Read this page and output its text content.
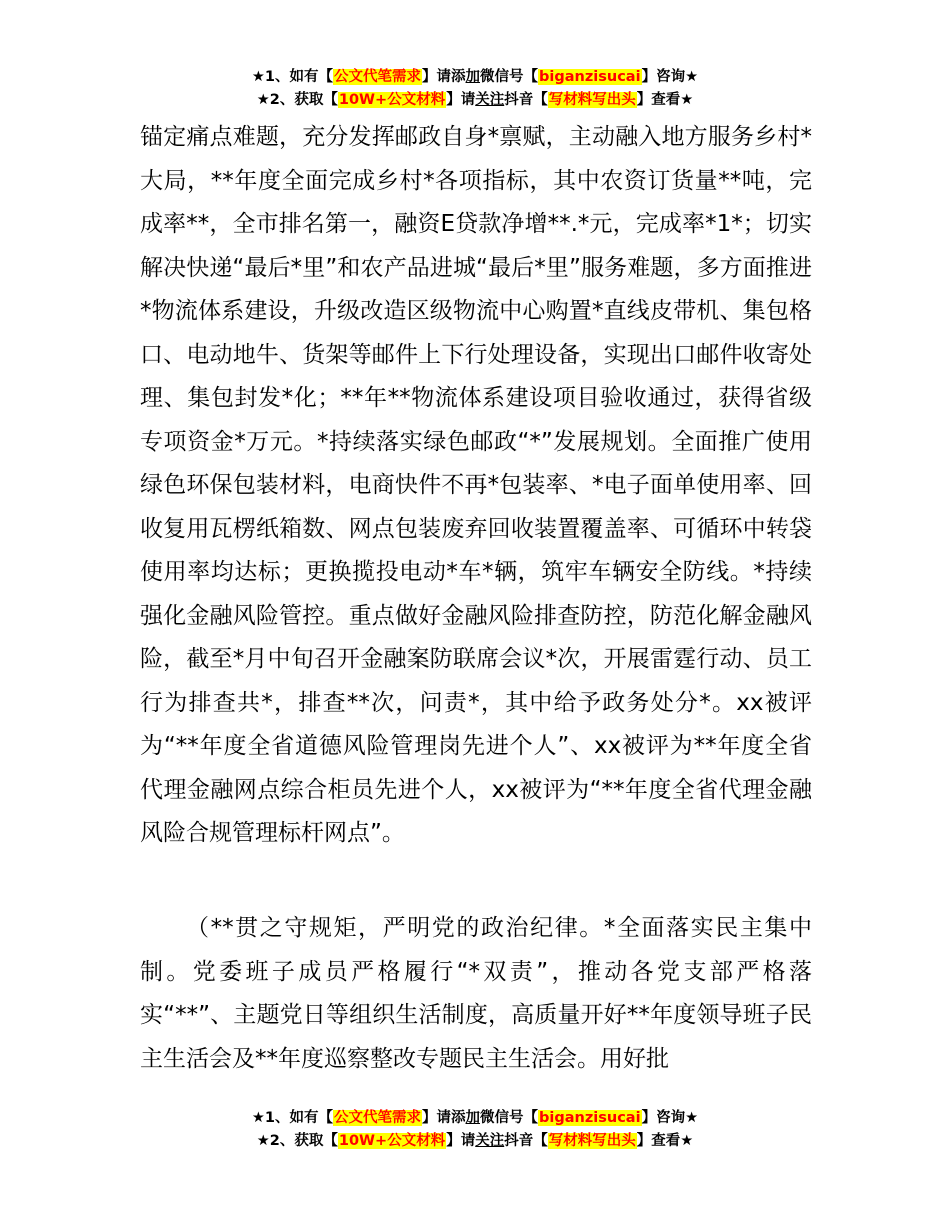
★1、如有【公文代笔需求】请添加微信号【biganzisucai】咨询★
★2、获取【10W+公文材料】请关注抖音【写材料写出头】查看★

锚定痛点难题，充分发挥邮政自身*禀赋，主动融入地方服务乡村*大局，**年度全面完成乡村*各项指标，其中农资订货量**吨，完成率**，全市排名第一，融资E贷款净增**.*元，完成率*1*；切实解决快递“最后*里”和农产品进城“最后*里”服务难题，多方面推进*物流体系建设，升级改造区级物流中心购置*直线皮带机、集包格口、电动地牛、货架等邮件上下行处理设备，实现出口邮件收寄处理、集包封发*化；**年**物流体系建设项目验收通过，获得省级专项资金*万元。*持续落实绿色邮政“*”发展规划。全面推广使用绿色环保包装材料，电商快件不再*包装率、*电子面单使用率、回收复用瓦楞纸箱数、网点包装废弃回收装置覆盖率、可循环中转袋使用率均达标；更换揽投电动*车*辆，筑牢车辆安全防线。*持续强化金融风险管控。重点做好金融风险排查防控，防范化解金融风险，截至*月中旬召开金融案防联席会议*次，开展雷霆行动、员工行为排查共*，排查**次，问责*，其中给予政务处分*。xx被评为“**年度全省道德风险管理岗先进个人”、xx被评为**年度全省代理金融网点综合柜员先进个人，xx被评为“**年度全省代理金融风险合规管理标杆网点”。

（**贯之守规矩，严明党的政治纪律。*全面落实民主集中制。党委班子成员严格履行“*双责”，推动各党支部严格落实“**”、主题党日等组织生活制度，高质量开好**年度领导班子民主生活会及**年度巡察整改专题民主生活会。用好批

★1、如有【公文代笔需求】请添加微信号【biganzisucai】咨询★
★2、获取【10W+公文材料】请关注抖音【写材料写出头】查看★
